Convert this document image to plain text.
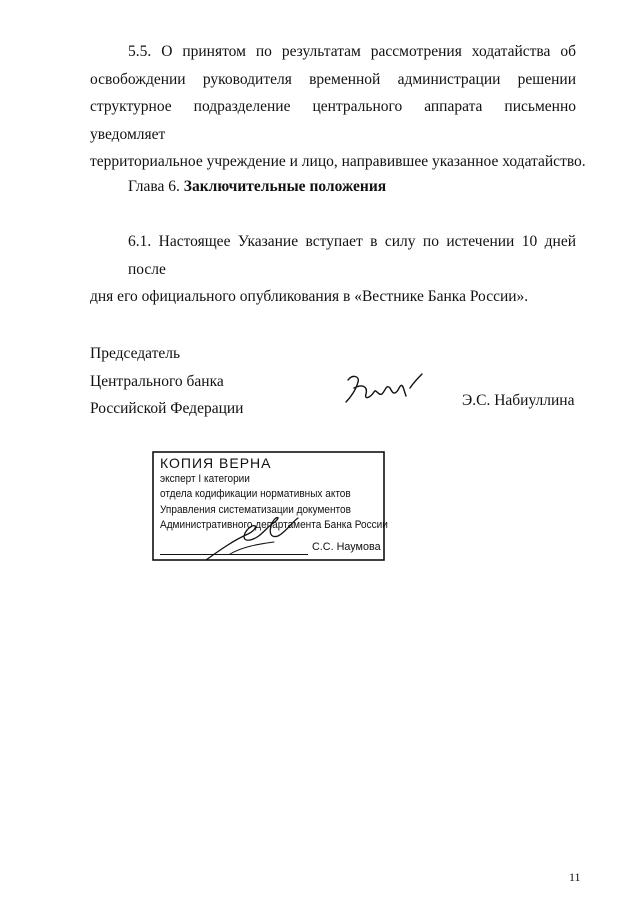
5.5. О принятом по результатам рассмотрения ходатайства об
освобождении руководителя временной администрации решении
структурное подразделение центрального аппарата письменно уведомляет
территориальное учреждение и лицо, направившее указанное ходатайство.
Глава 6. Заключительные положения
6.1. Настоящее Указание вступает в силу по истечении 10 дней после
дня его официального опубликования в «Вестнике Банка России».
Председатель
Центрального банка
Российской Федерации	Э.С. Набиуллина
КОПИЯ ВЕРНА
эксперт I категории
отдела кодификации нормативных актов
Управления систематизации документов
Административного департамента Банка России
С.С. Наумова
11
